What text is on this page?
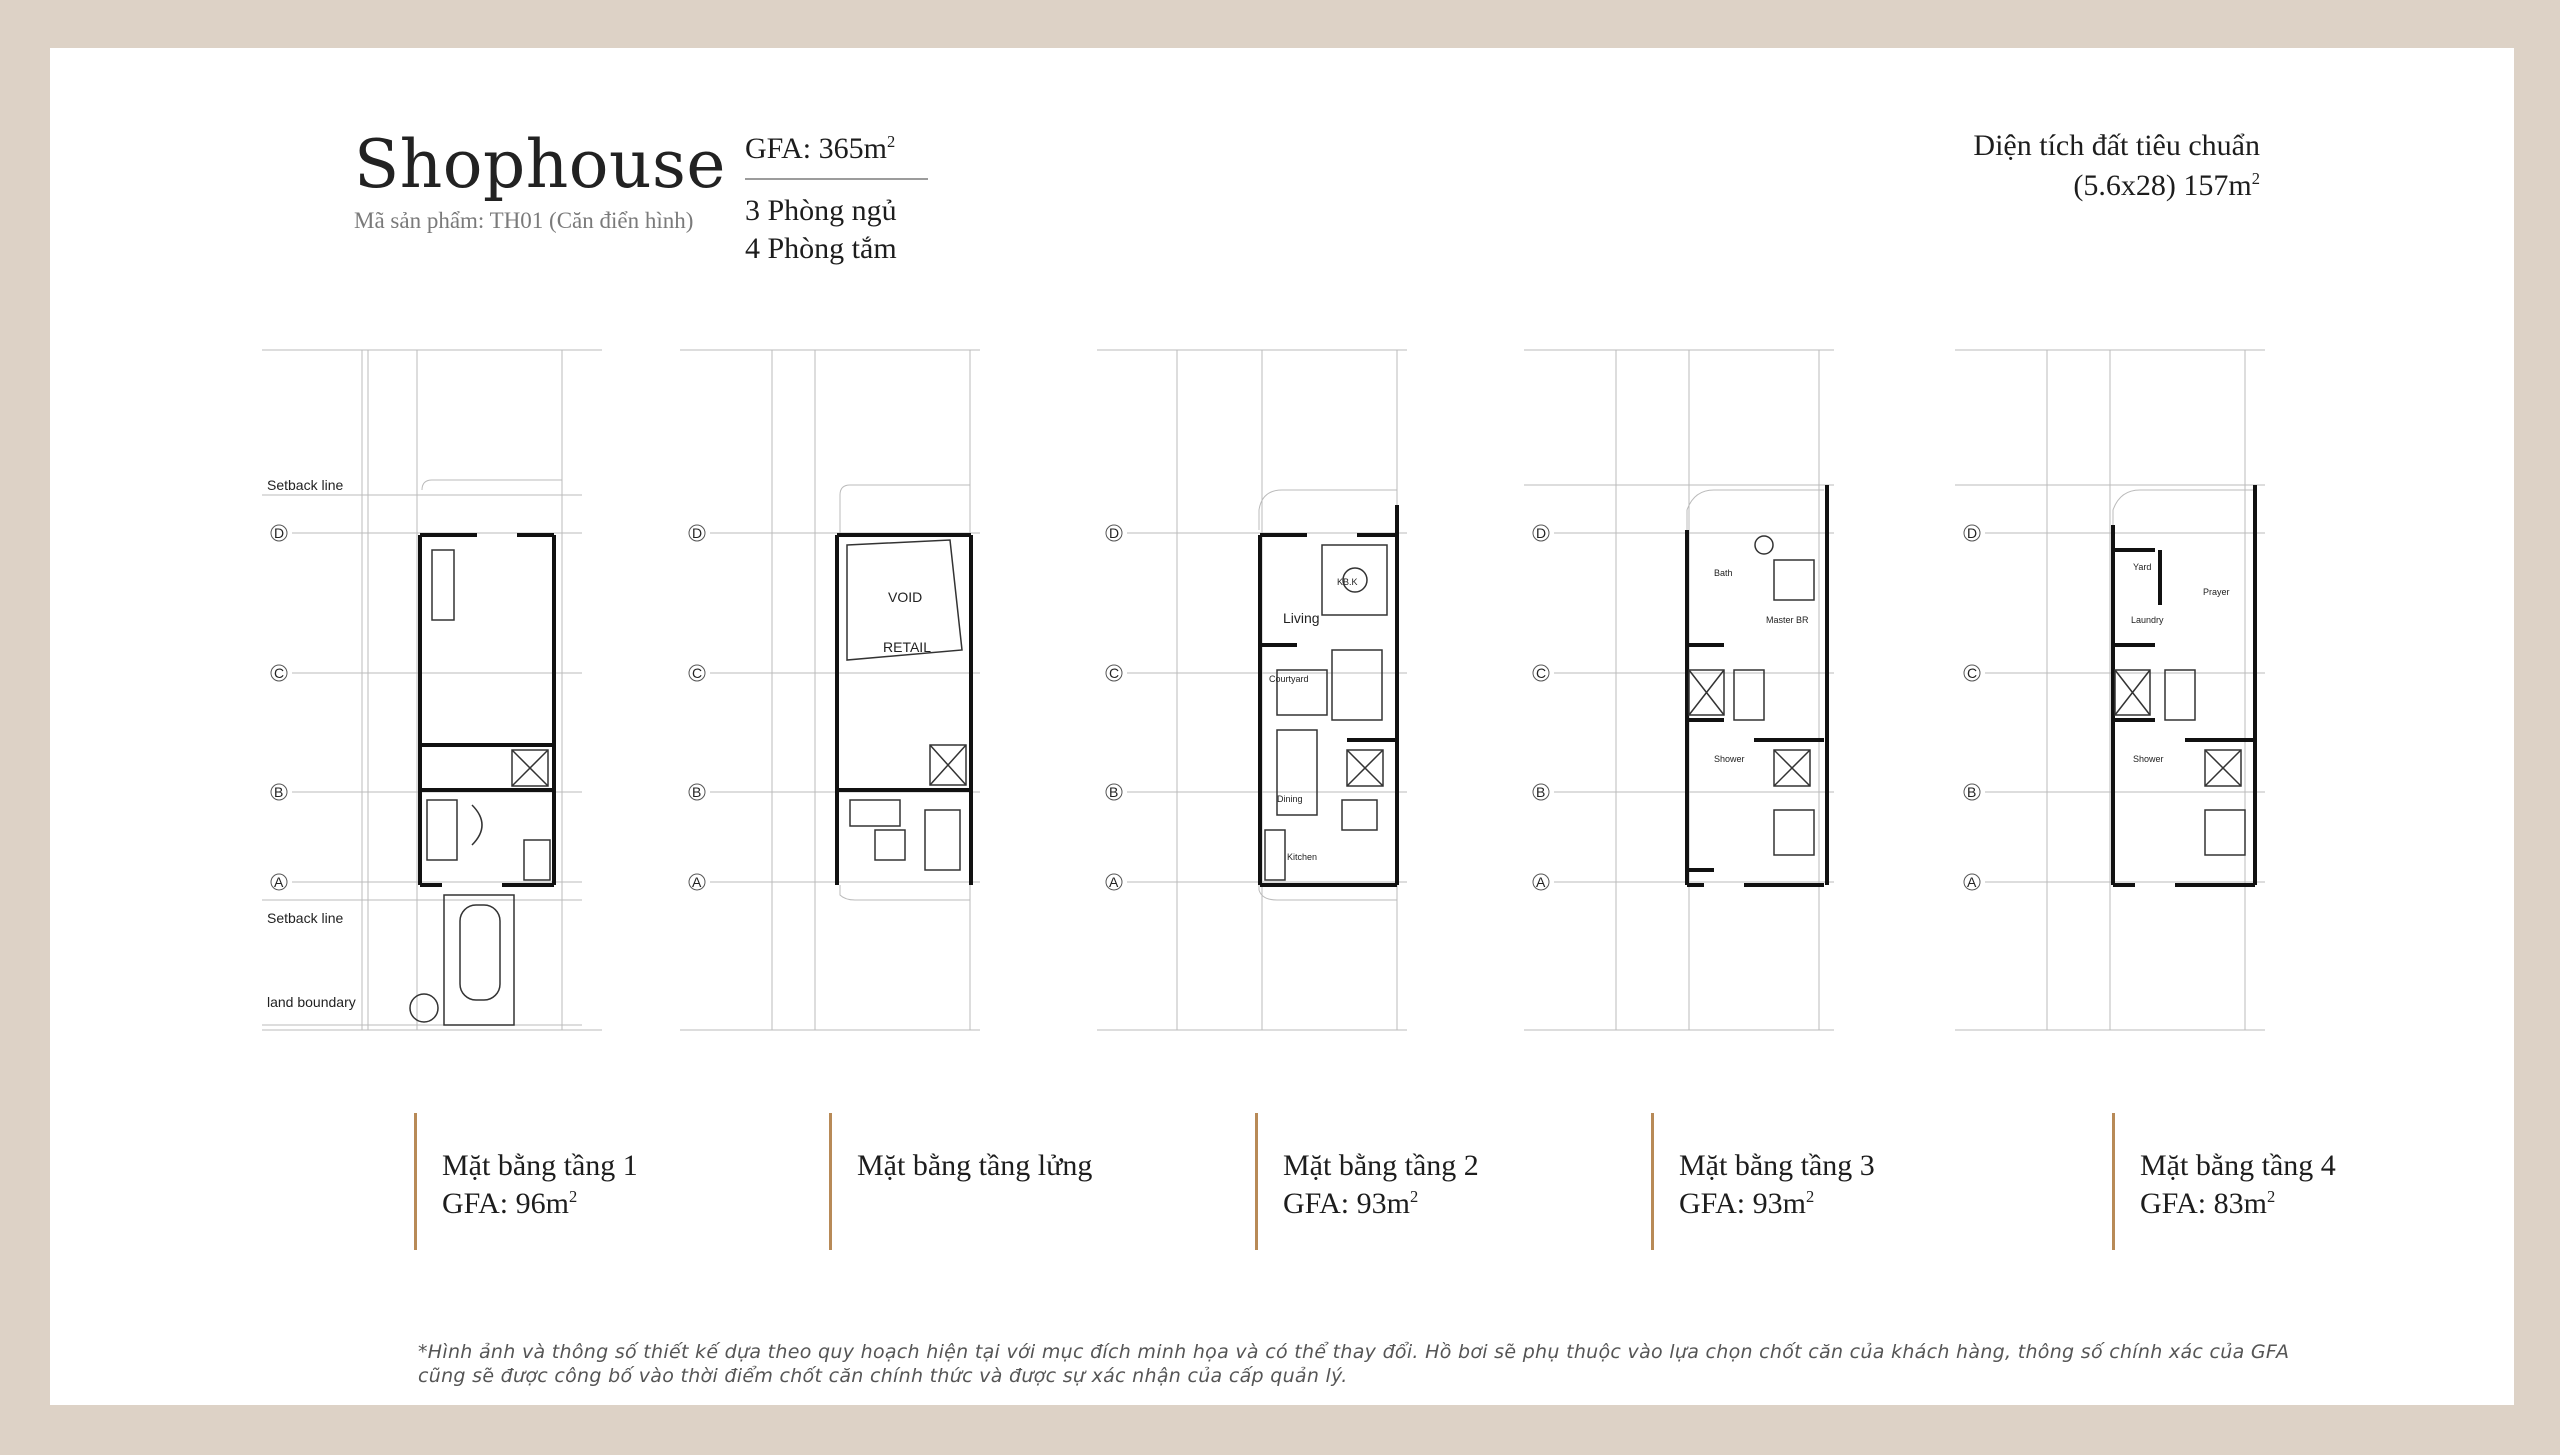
Shophouse
Mã sản phẩm: TH01 (Căn điển hình)
GFA: $365m^2$
3 Phòng ngủ
4 Phòng tắm
Diện tích đất tiêu chuẩn
(5.6x28) $157m^2$
D
C
B
A
Setback line
Setback line
land boundary
D
C
B
A
VOID
RETAIL
D
C
B
A
Living
KB.K
Courtyard
Dining
Kitchen
D
C
B
A
Bath
Master BR
Shower
D
C
B
A
Yard
Prayer
Laundry
Shower
Mặt bằng tầng 1
GFA: $96m^2$
Mặt bằng tầng lửng	Mặt bằng tầng 2
GFA: $93m^2$
Mặt bằng tầng 3
GFA: $93m^2$
Mặt bằng tầng 4
GFA: $83m^2$
*Hình ảnh và thông số thiết kế dựa theo quy hoạch hiện tại với mục đích minh họa và có thể thay đổi. Hồ bơi sẽ phụ thuộc vào lựa chọn chốt căn của khách hàng, thông số chính xác của GFA cũng sẽ được công bố vào thời điểm chốt căn chính thức và được sự xác nhận của cấp quản lý.
